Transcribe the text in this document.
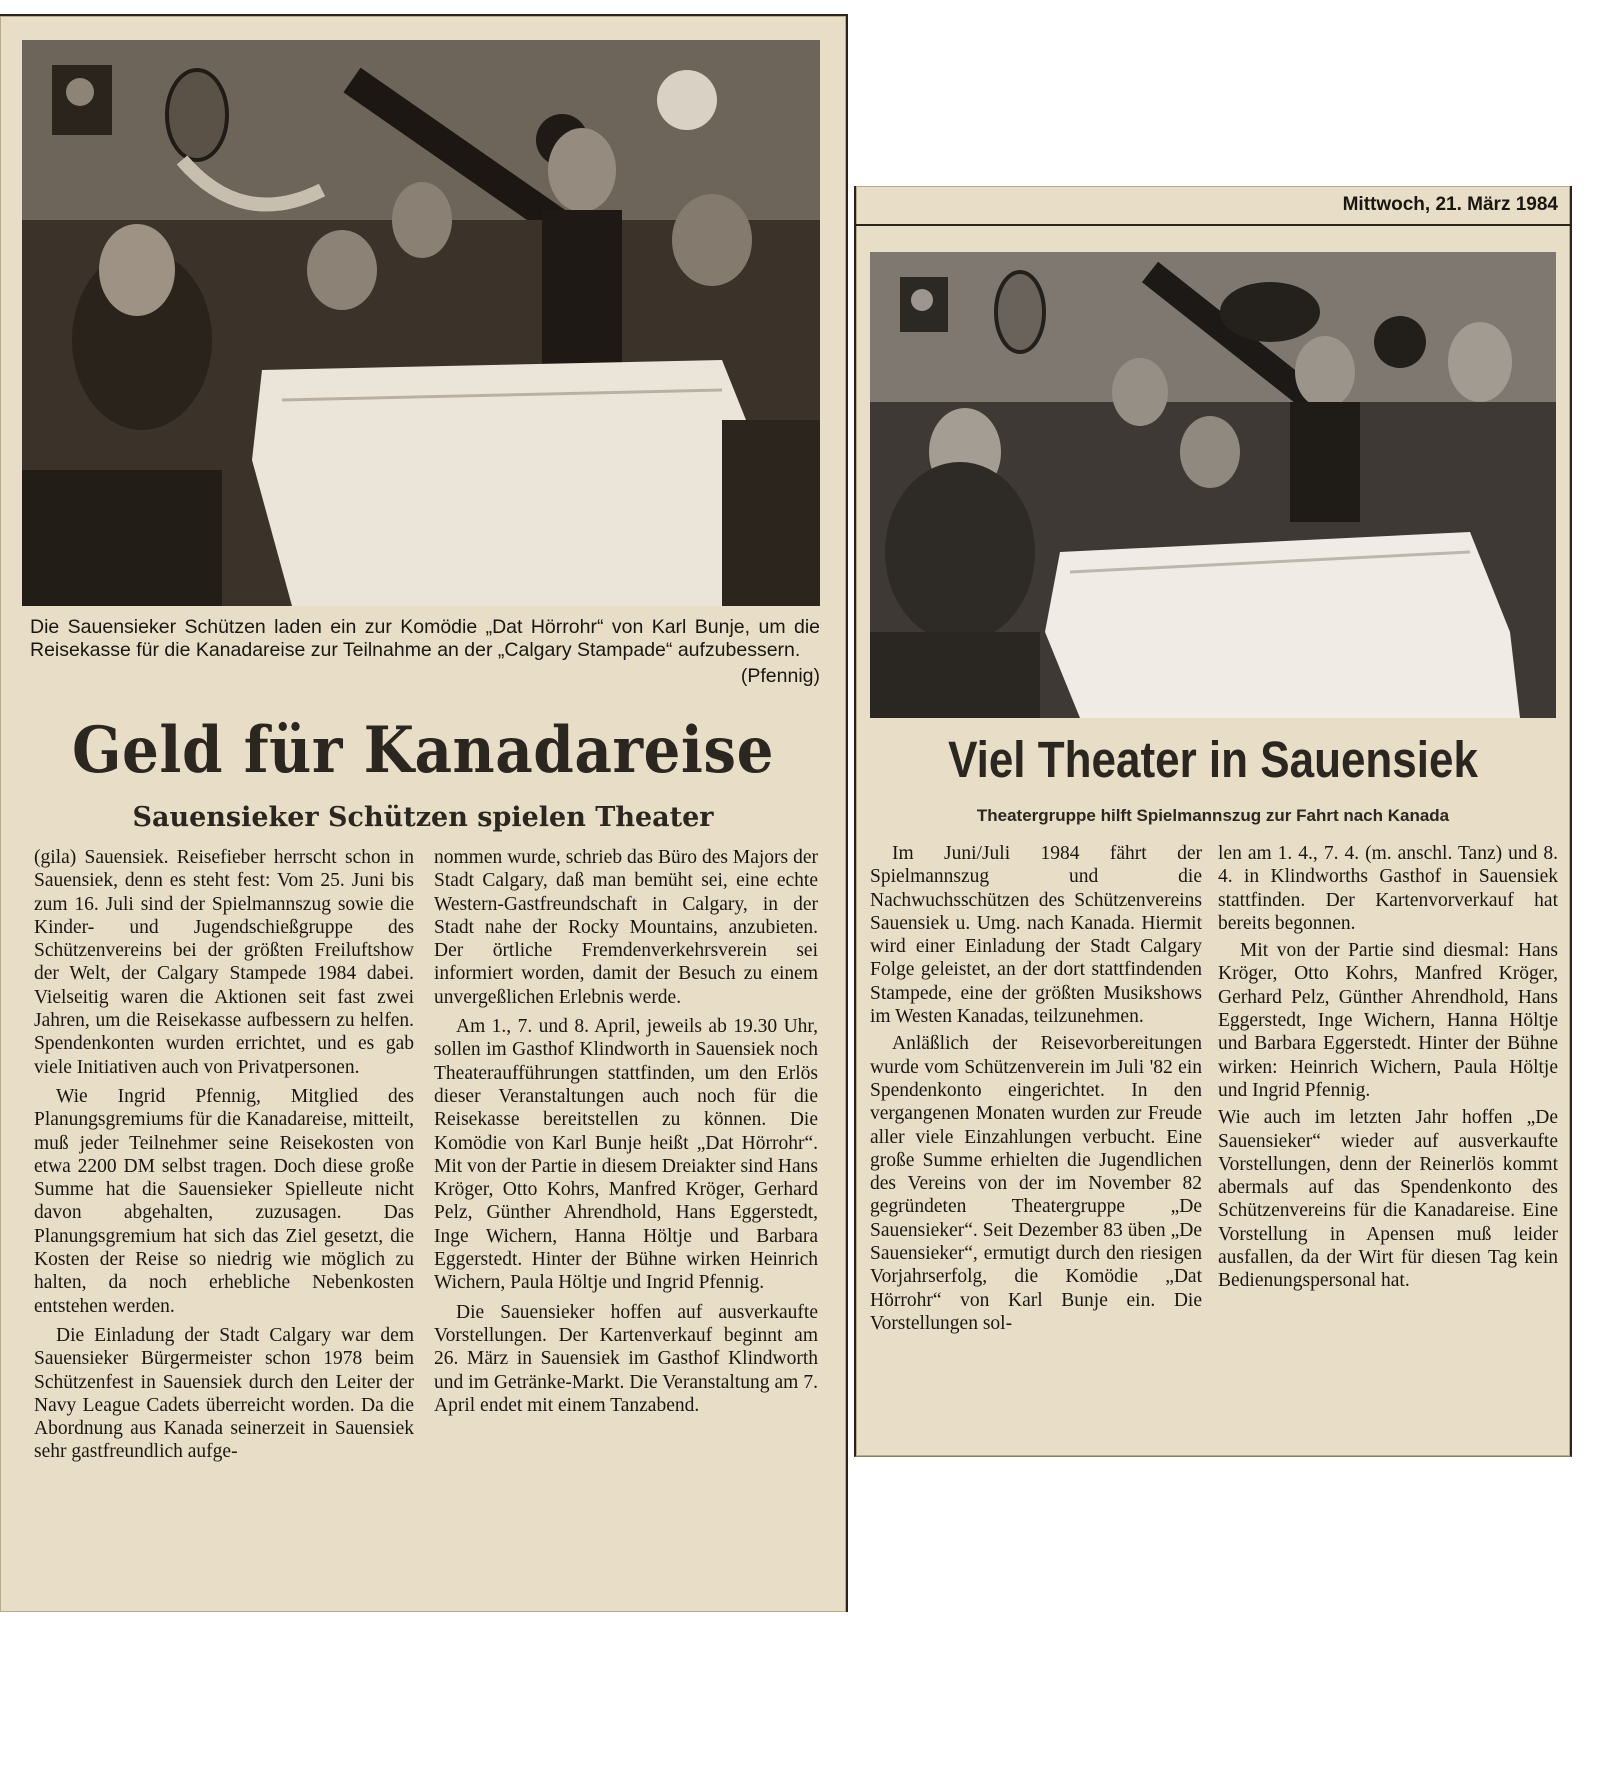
Die Sauensieker Schützen laden ein zur Komödie „Dat Hörrohr“ von Karl Bunje, um die Reisekasse für die Kanadareise zur Teilnahme an der „Calgary Stampade“ aufzubessern.

(Pfennig)
Geld für Kanadareise
Sauensieker Schützen spielen Theater

(gila) Sauensiek. Reisefieber herrscht schon in Sauensiek, denn es steht fest: Vom 25. Juni bis zum 16. Juli sind der Spielmannszug sowie die Kinder- und Jugendschießgruppe des Schützenvereins bei der größten Freiluftshow der Welt, der Calgary Stampede 1984 dabei. Vielseitig waren die Aktionen seit fast zwei Jahren, um die Reisekasse aufbessern zu helfen. Spendenkonten wurden errichtet, und es gab viele Initiativen auch von Privatpersonen.

Wie Ingrid Pfennig, Mitglied des Planungsgremiums für die Kanadareise, mitteilt, muß jeder Teilnehmer seine Reisekosten von etwa 2200 DM selbst tragen. Doch diese große Summe hat die Sauensieker Spielleute nicht davon abgehalten, zuzusagen. Das Planungsgremium hat sich das Ziel gesetzt, die Kosten der Reise so niedrig wie möglich zu halten, da noch erhebliche Nebenkosten entstehen werden.

Die Einladung der Stadt Calgary war dem Sauensieker Bürgermeister schon 1978 beim Schützenfest in Sauensiek durch den Leiter der Navy League Cadets überreicht worden. Da die Abordnung aus Kanada seinerzeit in Sauensiek sehr gastfreundlich aufge-

nommen wurde, schrieb das Büro des Majors der Stadt Calgary, daß man bemüht sei, eine echte Western-Gastfreundschaft in Calgary, in der Stadt nahe der Rocky Mountains, anzubieten. Der örtliche Fremdenverkehrsverein sei informiert worden, damit der Besuch zu einem unvergeßlichen Erlebnis werde.

Am 1., 7. und 8. April, jeweils ab 19.30 Uhr, sollen im Gasthof Klindworth in Sauensiek noch Theateraufführungen stattfinden, um den Erlös dieser Veranstaltungen auch noch für die Reisekasse bereitstellen zu können. Die Komödie von Karl Bunje heißt „Dat Hörrohr“. Mit von der Partie in diesem Dreiakter sind Hans Kröger, Otto Kohrs, Manfred Kröger, Gerhard Pelz, Günther Ahrendhold, Hans Eggerstedt, Inge Wichern, Hanna Höltje und Barbara Eggerstedt. Hinter der Bühne wirken Heinrich Wichern, Paula Höltje und Ingrid Pfennig.

Die Sauensieker hoffen auf ausverkaufte Vorstellungen. Der Kartenverkauf beginnt am 26. März in Sauensiek im Gasthof Klindworth und im Getränke-Markt. Die Veranstaltung am 7. April endet mit einem Tanzabend.

Mittwoch, 21. März 1984
Viel Theater in Sauensiek
Theatergruppe hilft Spielmannszug zur Fahrt nach Kanada

Im Juni/Juli 1984 fährt der Spielmannszug und die Nachwuchsschützen des Schützenvereins Sauensiek u. Umg. nach Kanada. Hiermit wird einer Einladung der Stadt Calgary Folge geleistet, an der dort stattfindenden Stampede, eine der größten Musikshows im Westen Kanadas, teilzunehmen.

Anläßlich der Reisevorbereitungen wurde vom Schützenverein im Juli '82 ein Spendenkonto eingerichtet. In den vergangenen Monaten wurden zur Freude aller viele Einzahlungen verbucht. Eine große Summe erhielten die Jugendlichen des Vereins von der im November 82 gegründeten Theatergruppe „De Sauensieker“. Seit Dezember 83 üben „De Sauensieker“, ermutigt durch den riesigen Vorjahrserfolg, die Komödie „Dat Hörrohr“ von Karl Bunje ein. Die Vorstellungen sol-

len am 1. 4., 7. 4. (m. anschl. Tanz) und 8. 4. in Klindworths Gasthof in Sauensiek stattfinden. Der Kartenvorverkauf hat bereits begonnen.

Mit von der Partie sind diesmal: Hans Kröger, Otto Kohrs, Manfred Kröger, Gerhard Pelz, Günther Ahrendhold, Hans Eggerstedt, Inge Wichern, Hanna Höltje und Barbara Eggerstedt. Hinter der Bühne wirken: Heinrich Wichern, Paula Höltje und Ingrid Pfennig.

Wie auch im letzten Jahr hoffen „De Sauensieker“ wieder auf ausverkaufte Vorstellungen, denn der Reinerlös kommt abermals auf das Spendenkonto des Schützenvereins für die Kanadareise. Eine Vorstellung in Apensen muß leider ausfallen, da der Wirt für diesen Tag kein Bedienungspersonal hat.
